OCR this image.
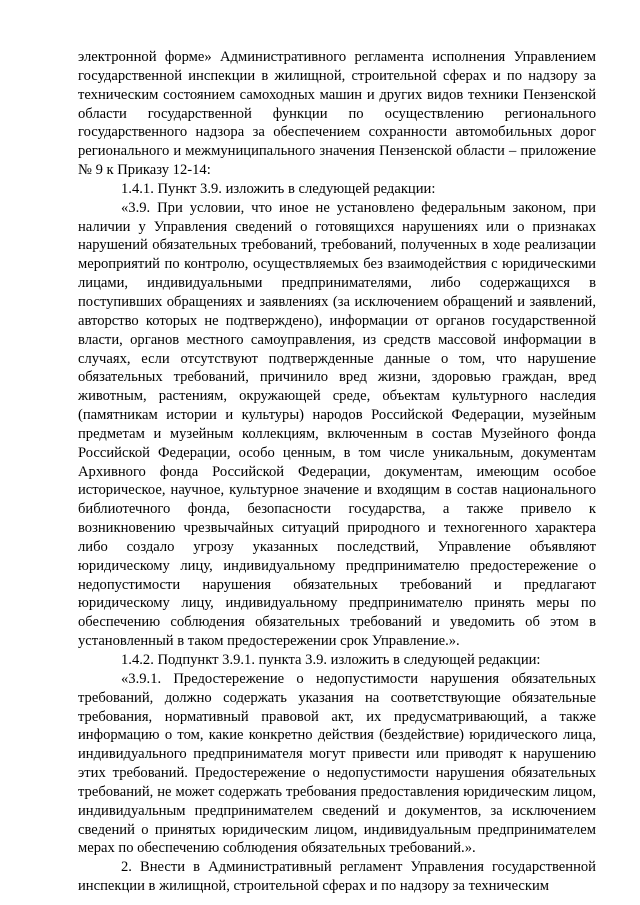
электронной форме» Административного регламента исполнения Управлением государственной инспекции в жилищной, строительной сферах и по надзору за техническим состоянием самоходных машин и других видов техники Пензенской области государственной функции по осуществлению регионального государственного надзора за обеспечением сохранности автомобильных дорог регионального и межмуниципального значения Пензенской области – приложение № 9 к Приказу 12-14:

1.4.1. Пункт 3.9. изложить в следующей редакции:

«3.9. При условии, что иное не установлено федеральным законом, при наличии у Управления сведений о готовящихся нарушениях или о признаках нарушений обязательных требований, требований, полученных в ходе реализации мероприятий по контролю, осуществляемых без взаимодействия с юридическими лицами, индивидуальными предпринимателями, либо содержащихся в поступивших обращениях и заявлениях (за исключением обращений и заявлений, авторство которых не подтверждено), информации от органов государственной власти, органов местного самоуправления, из средств массовой информации в случаях, если отсутствуют подтвержденные данные о том, что нарушение обязательных требований, причинило вред жизни, здоровью граждан, вред животным, растениям, окружающей среде, объектам культурного наследия (памятникам истории и культуры) народов Российской Федерации, музейным предметам и музейным коллекциям, включенным в состав Музейного фонда Российской Федерации, особо ценным, в том числе уникальным, документам Архивного фонда Российской Федерации, документам, имеющим особое историческое, научное, культурное значение и входящим в состав национального библиотечного фонда, безопасности государства, а также привело к возникновению чрезвычайных ситуаций природного и техногенного характера либо создало угрозу указанных последствий, Управление объявляют юридическому лицу, индивидуальному предпринимателю предостережение о недопустимости нарушения обязательных требований и предлагают юридическому лицу, индивидуальному предпринимателю принять меры по обеспечению соблюдения обязательных требований и уведомить об этом в установленный в таком предостережении срок Управление.».

1.4.2. Подпункт 3.9.1. пункта 3.9. изложить в следующей редакции:

«3.9.1. Предостережение о недопустимости нарушения обязательных требований, должно содержать указания на соответствующие обязательные требования, нормативный правовой акт, их предусматривающий, а также информацию о том, какие конкретно действия (бездействие) юридического лица, индивидуального предпринимателя могут привести или приводят к нарушению этих требований. Предостережение о недопустимости нарушения обязательных требований, не может содержать требования предоставления юридическим лицом, индивидуальным предпринимателем сведений и документов, за исключением сведений о принятых юридическим лицом, индивидуальным предпринимателем мерах по обеспечению соблюдения обязательных требований.».

2. Внести в Административный регламент Управления государственной инспекции в жилищной, строительной сферах и по надзору за техническим
